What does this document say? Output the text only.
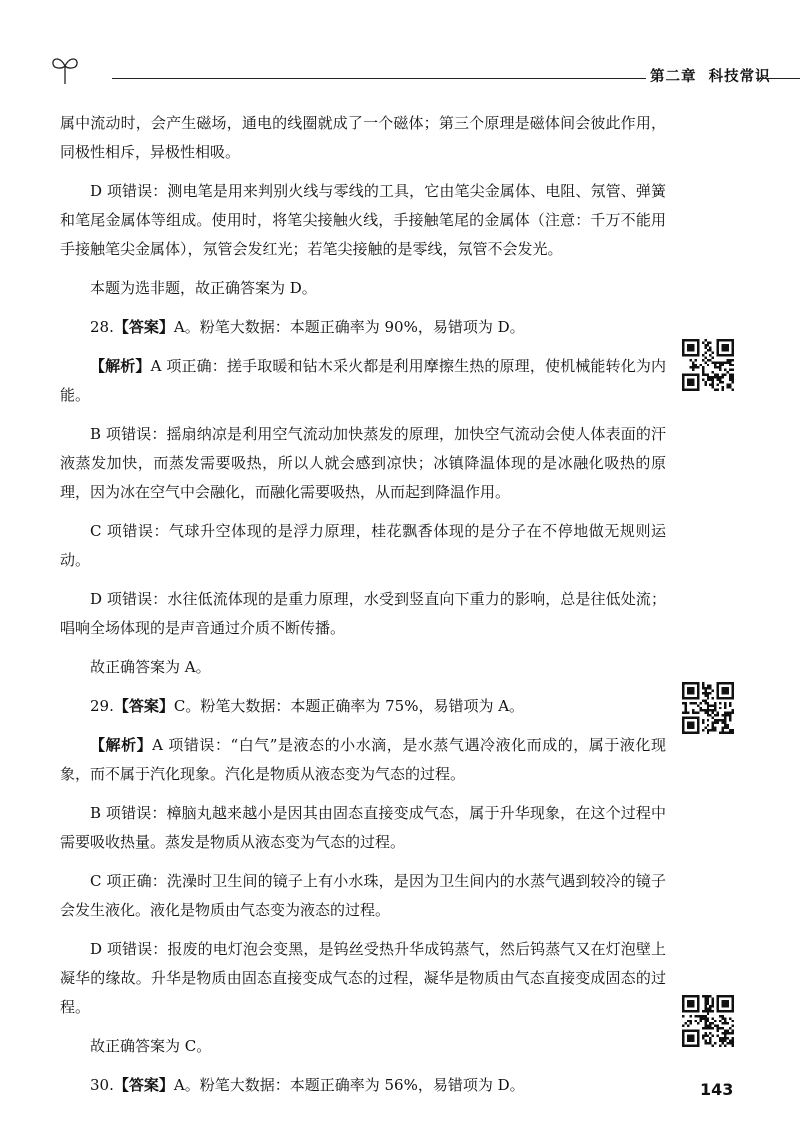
第二章 科技常识

属中流动时，会产生磁场，通电的线圈就成了一个磁体；第三个原理是磁体间会彼此作用，同极性相斥，异极性相吸。

D 项错误：测电笔是用来判别火线与零线的工具，它由笔尖金属体、电阻、氖管、弹簧和笔尾金属体等组成。使用时，将笔尖接触火线，手接触笔尾的金属体（注意：千万不能用手接触笔尖金属体），氖管会发红光；若笔尖接触的是零线，氖管不会发光。

本题为选非题，故正确答案为 D。

28.【答案】A。粉笔大数据：本题正确率为 90%，易错项为 D。

【解析】A 项正确：搓手取暖和钻木采火都是利用摩擦生热的原理，使机械能转化为内能。

B 项错误：摇扇纳凉是利用空气流动加快蒸发的原理，加快空气流动会使人体表面的汗液蒸发加快，而蒸发需要吸热，所以人就会感到凉快；冰镇降温体现的是冰融化吸热的原理，因为冰在空气中会融化，而融化需要吸热，从而起到降温作用。

C 项错误：气球升空体现的是浮力原理，桂花飘香体现的是分子在不停地做无规则运动。

D 项错误：水往低流体现的是重力原理，水受到竖直向下重力的影响，总是往低处流；唱响全场体现的是声音通过介质不断传播。

故正确答案为 A。

29.【答案】C。粉笔大数据：本题正确率为 75%，易错项为 A。

【解析】A 项错误：“白气”是液态的小水滴，是水蒸气遇冷液化而成的，属于液化现象，而不属于汽化现象。汽化是物质从液态变为气态的过程。

B 项错误：樟脑丸越来越小是因其由固态直接变成气态，属于升华现象，在这个过程中需要吸收热量。蒸发是物质从液态变为气态的过程。

C 项正确：洗澡时卫生间的镜子上有小水珠，是因为卫生间内的水蒸气遇到较冷的镜子会发生液化。液化是物质由气态变为液态的过程。

D 项错误：报废的电灯泡会变黑，是钨丝受热升华成钨蒸气，然后钨蒸气又在灯泡壁上凝华的缘故。升华是物质由固态直接变成气态的过程，凝华是物质由气态直接变成固态的过程。

故正确答案为 C。

30.【答案】A。粉笔大数据：本题正确率为 56%，易错项为 D。	143
